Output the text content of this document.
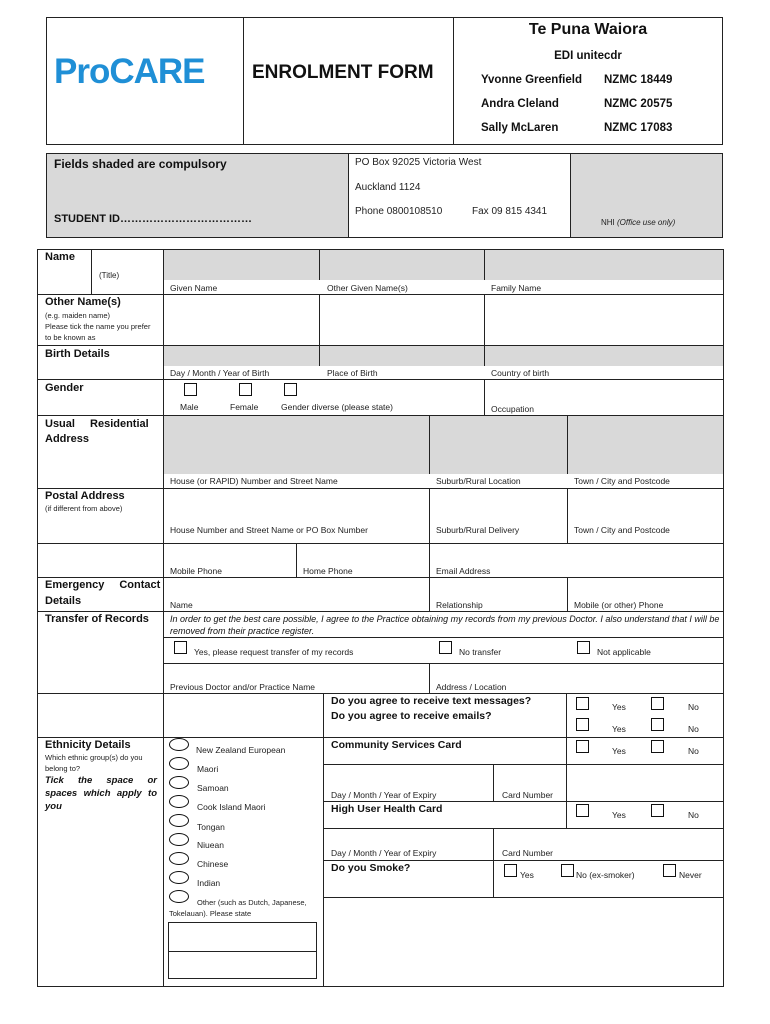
ProCARE ENROLMENT FORM
Te Puna Waiora
EDI unitecdr
Yvonne Greenfield NZMC 18449
Andra Cleland	NZMC 20575
Sally McLaren	NZMC 17083
Fields shaded are compulsory
STUDENT ID………………………………
PO Box 92025 Victoria West
Auckland 1124
Phone 0800108510	Fax 09 815 4341
NHI (Office use only)
Name
(Title)
Given Name	Other Given Name(s)	Family Name
Other Name(s)
(e.g. maiden name)
Please tick the name you prefer to be known as
Birth Details
Day / Month / Year of Birth	Place of Birth	Country of birth
Gender
Male	Female	Gender diverse (please state)	Occupation
Usual Residential
Address
House (or RAPID) Number and Street Name	Suburb/Rural Location	Town / City and Postcode
Postal Address
(if different from above)
House Number and Street Name or PO Box Number	Suburb/Rural Delivery	Town / City and Postcode
Mobile Phone	Home Phone	Email Address
Emergency Contact
Details	Name	Relationship	Mobile (or other) Phone
Transfer of Records In order to get the best care possible, I agree to the Practice obtaining my records from my previous Doctor. I also understand that I will be removed from their practice register.
Yes, please request transfer of my records	No transfer	Not applicable
Previous Doctor and/or Practice Name	Address / Location
Do you agree to receive text messages?
Do you agree to receive emails?
Yes	No
Yes	No
Ethnicity Details
Which ethnic group(s) do you belong to?
Tick the space or spaces which apply to you
New Zealand European
Maori
Samoan
Cook Island Maori
Tongan
Niuean
Chinese
Indian
Other (such as Dutch, Japanese, Tokelauan). Please state
Community Services Card	Yes	No
Day / Month / Year of Expiry	Card Number
High User Health Card	Yes	No
Day / Month / Year of Expiry	Card Number
Do you Smoke?
Yes	No (ex-smoker)	Never
